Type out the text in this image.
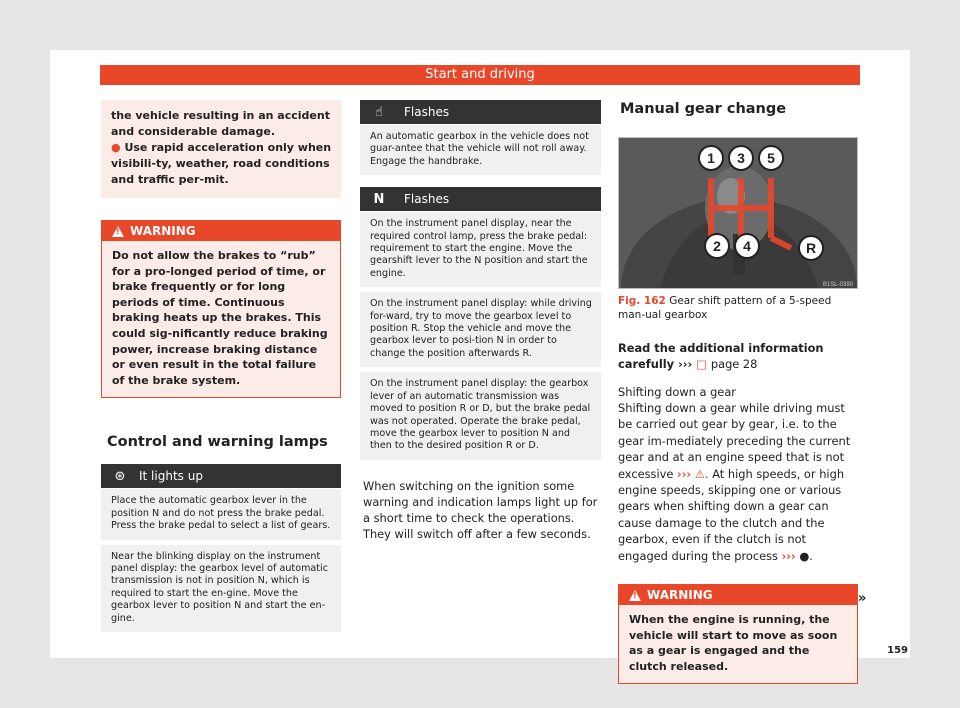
Start and driving
the vehicle resulting in an accident and considerable damage.
● Use rapid acceleration only when visibili-ty, weather, road conditions and traffic per-mit.
!
WARNING
Do not allow the brakes to “rub” for a pro-longed period of time, or brake frequently or for long periods of time. Continuous braking heats up the brakes. This could sig-nificantly reduce braking power, increase braking distance or even result in the total failure of the brake system.
Control and warning lamps
⊛	It lights up
Place the automatic gearbox lever in the position N and do not press the brake pedal. Press the brake pedal to select a list of gears.
Near the blinking display on the instrument panel display: the gearbox level of automatic transmission is not in position N, which is required to start the en-gine. Move the gearbox lever to position N and start the en-gine.
☝	Flashes
An automatic gearbox in the vehicle does not guar-antee that the vehicle will not roll away. Engage the handbrake.
N	Flashes
On the instrument panel display, near the required control lamp, press the brake pedal: requirement to start the engine. Move the gearshift lever to the N position and start the engine.
On the instrument panel display: while driving for-ward, try to move the gearbox level to position R. Stop the vehicle and move the gearbox lever to posi-tion N in order to change the position afterwards R.
On the instrument panel display: the gearbox lever of an automatic transmission was moved to position R or D, but the brake pedal was not operated. Operate the brake pedal, move the gearbox lever to position N and then to the desired position R or D.
When switching on the ignition some warning and indication lamps light up for a short time to check the operations. They will switch off after a few seconds.
Manual gear change
1 3 5
2 4	R
B1SL-0390
Fig. 162 Gear shift pattern of a 5-speed man-ual gearbox
Read the additional information carefully ››› □ page 28
Shifting down a gear
Shifting down a gear while driving must be carried out gear by gear, i.e. to the gear im-mediately preceding the current gear and at an engine speed that is not excessive ››› ⚠. At high speeds, or high engine speeds, skipping one or various gears when shifting down a gear can cause damage to the clutch and the gearbox, even if the clutch is not engaged during the process ››› ●.
!
WARNING
When the engine is running, the vehicle will start to move as soon as a gear is engaged and the clutch released.
»
159
